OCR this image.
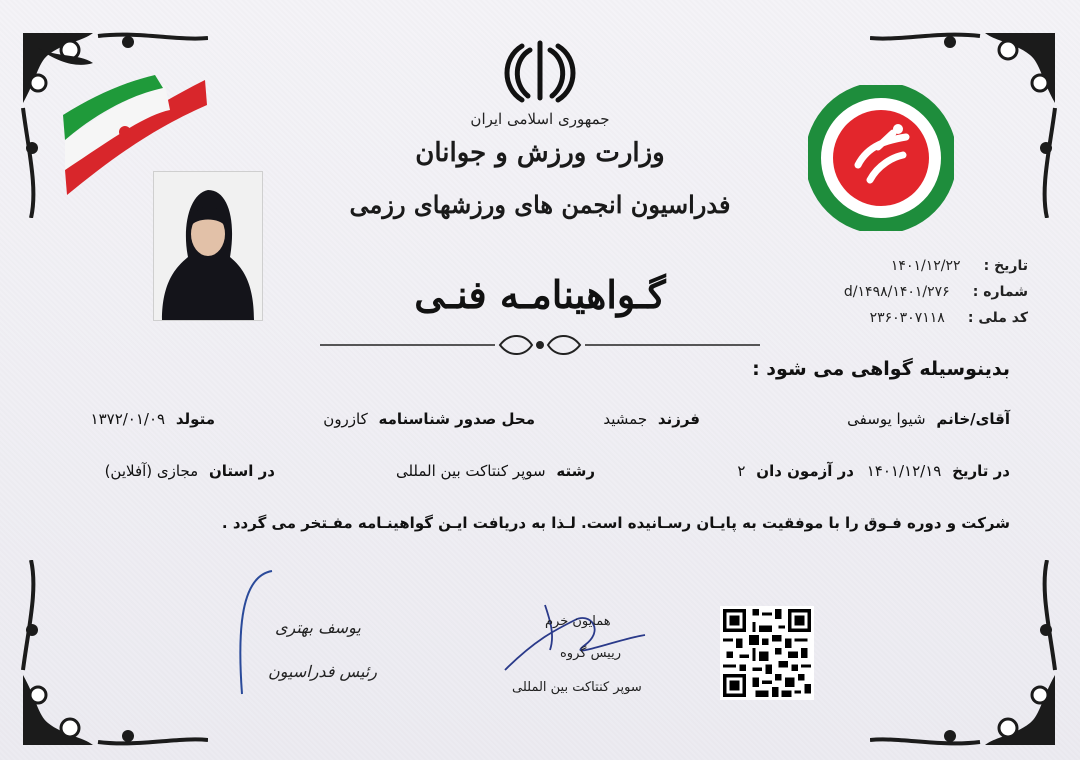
جمهوری اسلامی ایران
وزارت ورزش و جوانان
فدراسیون انجمن های ورزشهای رزمی
گـواهینامـه فنـی
تاریخ : ۱۴۰۱/۱۲/۲۲
شماره : ۱۴۰۱/۲۷۶/d/۱۴۹۸
کد ملی : ۲۳۶۰۳۰۷۱۱۸
بدینوسیله گواهی می شود :
آقای/خانم شیوا یوسفی
فرزند جمشید
محل صدور شناسنامه کازرون
متولد ۱۳۷۲/۰۱/۰۹
در تاریخ ۱۴۰۱/۱۲/۱۹ در آزمون دان ۲
رشته سوپر کنتاکت بین المللی
در استان مجازی (آفلاین)
شرکت و دوره فـوق را با موفقیت به پایـان رسـانیده است. لـذا به دریافت ایـن گواهینـامه مفـتخر می گردد .
یوسف بهتری
رئیس فدراسیون
همایون خرم
رییس گروه
سوپر کنتاکت بین المللی
